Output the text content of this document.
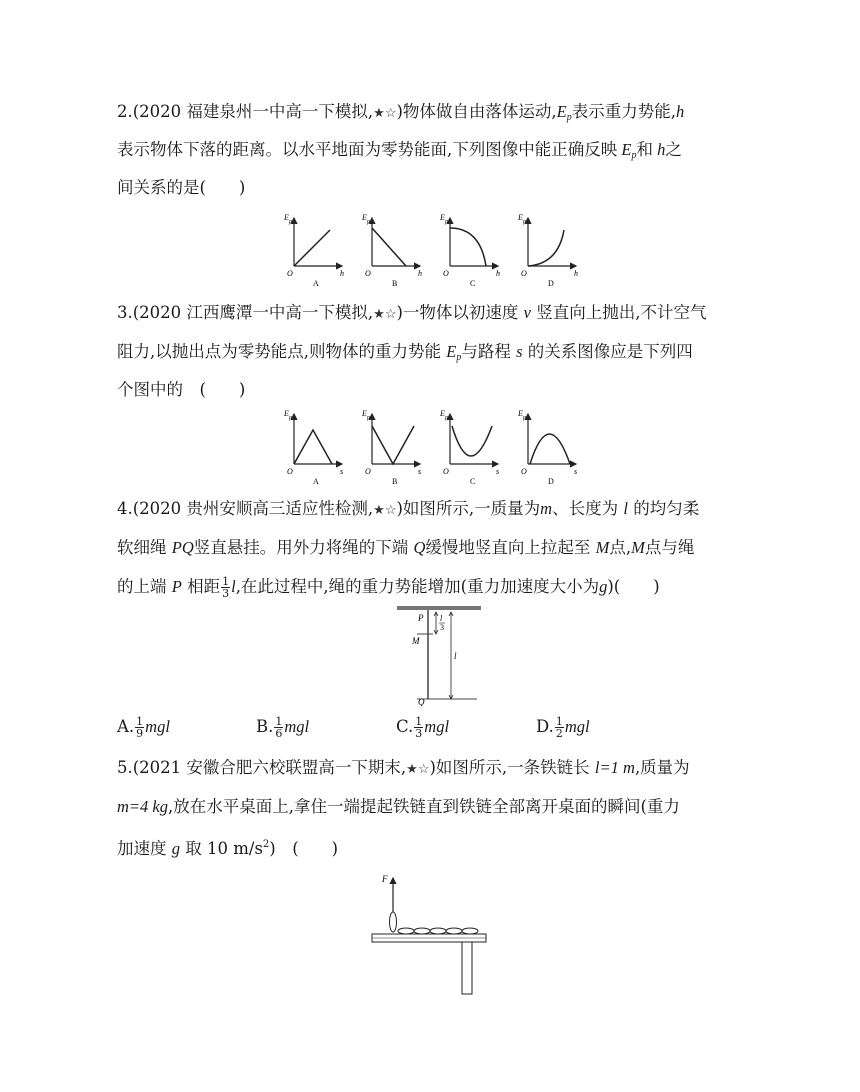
2.(2020 福建泉州一中高一下模拟,★☆)物体做自由落体运动$,E_p$表示重力势能,h
表示物体下落的距离。以水平地面为零势能面,下列图像中能正确反映 $E_p$和 h之
间关系的是(　　)
E p
O	h
A
E p
O	h
B
E p
O	h
C
E p
O	h
D
3.(2020 江西鹰潭一中高一下模拟,★☆)一物体以初速度 v 竖直向上抛出,不计空气
阻力,以抛出点为零势能点,则物体的重力势能 $E_p$与路程 s 的关系图像应是下列四
个图中的　(　　)
E p
O	s
A
E p
O	s
B
E p
O	s
C
E p
O	s
D
4.(2020 贵州安顺高三适应性检测,★☆)如图所示,一质量为m、长度为 l 的均匀柔
软细绳 PQ竖直悬挂。用外力将绳的下端 Q缓慢地竖直向上拉起至 M点,M点与绳
的上端 P 相距 $\frac{1}{3} l$,在此过程中,绳的重力势能增加(重力加速度大小为g)(　　)
P
M
Q
l
3
l
A. $\frac{1}{9}$ mgl	B. $\frac{1}{6}$ mgl	C. $\frac{1}{3}$ mgl	D. $\frac{1}{2}$ mgl
5.(2021 安徽合肥六校联盟高一下期末,★☆)如图所示,一条铁链长 l=1 m,质量为
m=4 kg,放在水平桌面上,拿住一端提起铁链直到铁链全部离开桌面的瞬间(重力
加速度 g 取 10 $m/s^2$)　(　　)
F
